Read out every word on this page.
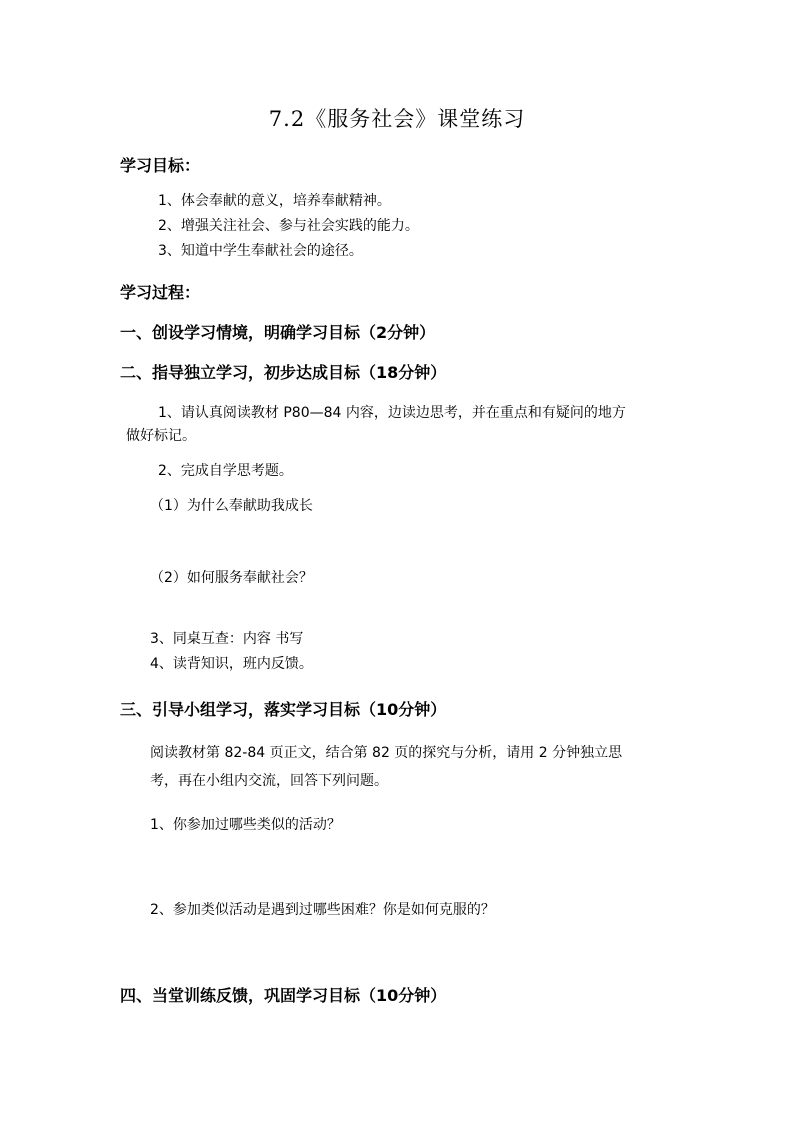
7.2《服务社会》课堂练习
学习目标：
1、体会奉献的意义，培养奉献精神。
2、增强关注社会、参与社会实践的能力。
3、知道中学生奉献社会的途径。
学习过程：
一、创设学习情境，明确学习目标（2分钟）
二、指导独立学习，初步达成目标（18分钟）
1、请认真阅读教材 P80—84 内容，边读边思考，并在重点和有疑问的地方
做好标记。
2、完成自学思考题。
（1）为什么奉献助我成长
（2）如何服务奉献社会？
3、同桌互查：内容 书写
4、读背知识，班内反馈。
三、引导小组学习，落实学习目标（10分钟）
阅读教材第 82-84 页正文，结合第 82 页的探究与分析，请用 2 分钟独立思
考，再在小组内交流，回答下列问题。
1、你参加过哪些类似的活动？
2、参加类似活动是遇到过哪些困难？你是如何克服的？
四、当堂训练反馈，巩固学习目标（10分钟）
